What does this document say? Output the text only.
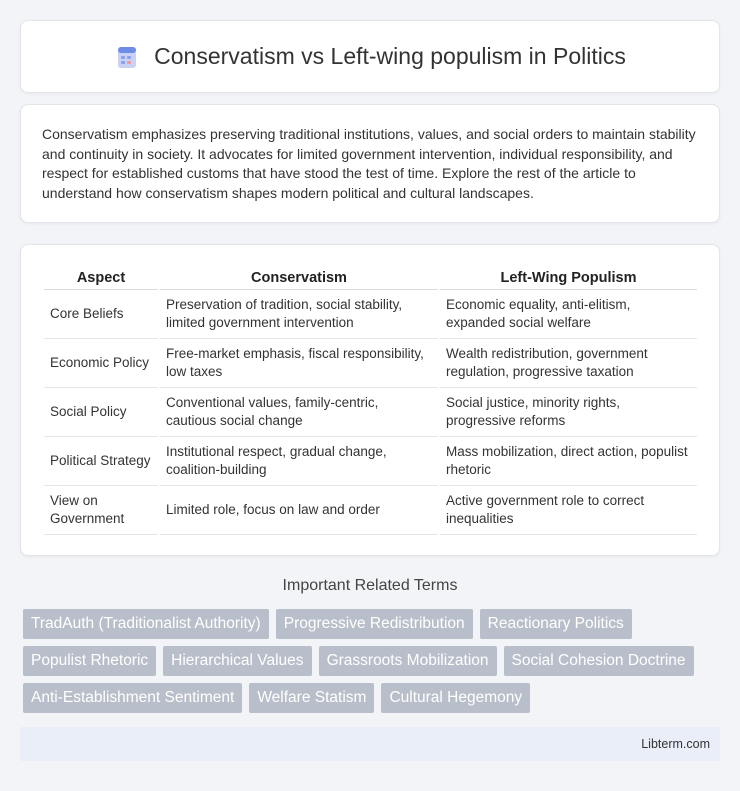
Conservatism vs Left-wing populism in Politics

Conservatism emphasizes preserving traditional institutions, values, and social orders to maintain stability and continuity in society. It advocates for limited government intervention, individual responsibility, and respect for established customs that have stood the test of time. Explore the rest of the article to understand how conservatism shapes modern political and cultural landscapes.

Aspect	Conservatism	Left-Wing Populism
Core Beliefs	Preservation of tradition, social stability, limited government intervention	Economic equality, anti-elitism, expanded social welfare
Economic Policy	Free-market emphasis, fiscal responsibility, low taxes	Wealth redistribution, government regulation, progressive taxation
Social Policy	Conventional values, family-centric, cautious social change	Social justice, minority rights, progressive reforms
Political Strategy	Institutional respect, gradual change, coalition-building	Mass mobilization, direct action, populist rhetoric
View on Government	Limited role, focus on law and order	Active government role to correct inequalities
Important Related Terms
TradAuth (Traditionalist Authority)	Progressive Redistribution	Reactionary Politics
Populist Rhetoric	Hierarchical Values	Grassroots Mobilization	Social Cohesion Doctrine
Anti-Establishment Sentiment	Welfare Statism	Cultural Hegemony
Libterm.com
